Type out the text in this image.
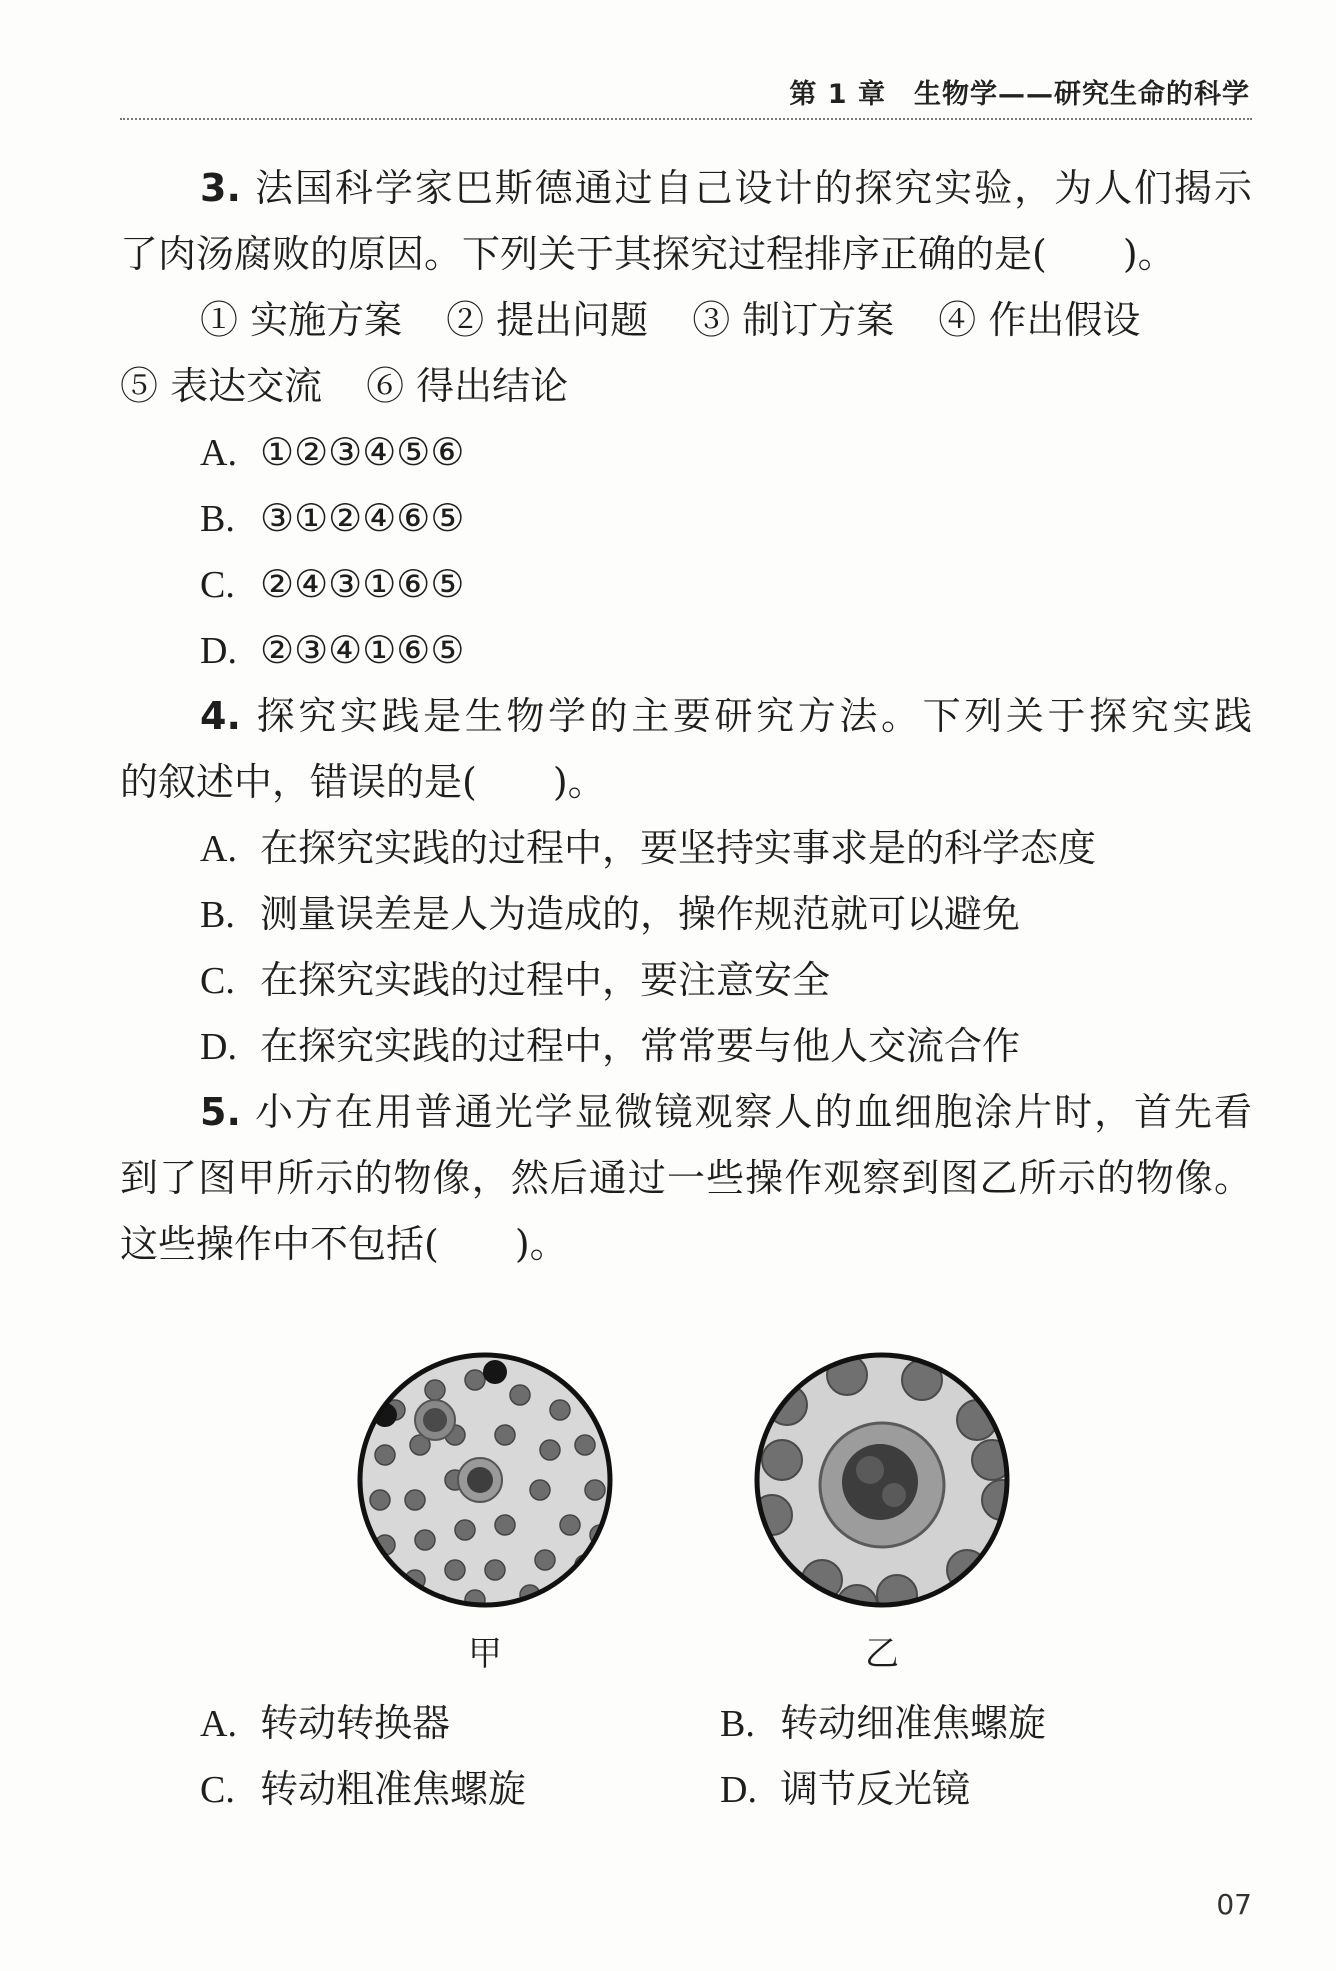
第 1 章　生物学——研究生命的科学
3. 法国科学家巴斯德通过自己设计的探究实验，为人们揭示
了肉汤腐败的原因。下列关于其探究过程排序正确的是(　　)。
① 实施方案 ② 提出问题 ③ 制订方案 ④ 作出假设
⑤ 表达交流 ⑥ 得出结论
A. ①②③④⑤⑥
B. ③①②④⑥⑤
C. ②④③①⑥⑤
D. ②③④①⑥⑤
4. 探究实践是生物学的主要研究方法。下列关于探究实践
的叙述中，错误的是(　　)。
A. 在探究实践的过程中，要坚持实事求是的科学态度
B. 测量误差是人为造成的，操作规范就可以避免
C. 在探究实践的过程中，要注意安全
D. 在探究实践的过程中，常常要与他人交流合作
5. 小方在用普通光学显微镜观察人的血细胞涂片时，首先看
到了图甲所示的物像，然后通过一些操作观察到图乙所示的物像。
这些操作中不包括(　　)。
甲	乙
A. 转动转换器	B. 转动细准焦螺旋
C. 转动粗准焦螺旋	D. 调节反光镜
07
